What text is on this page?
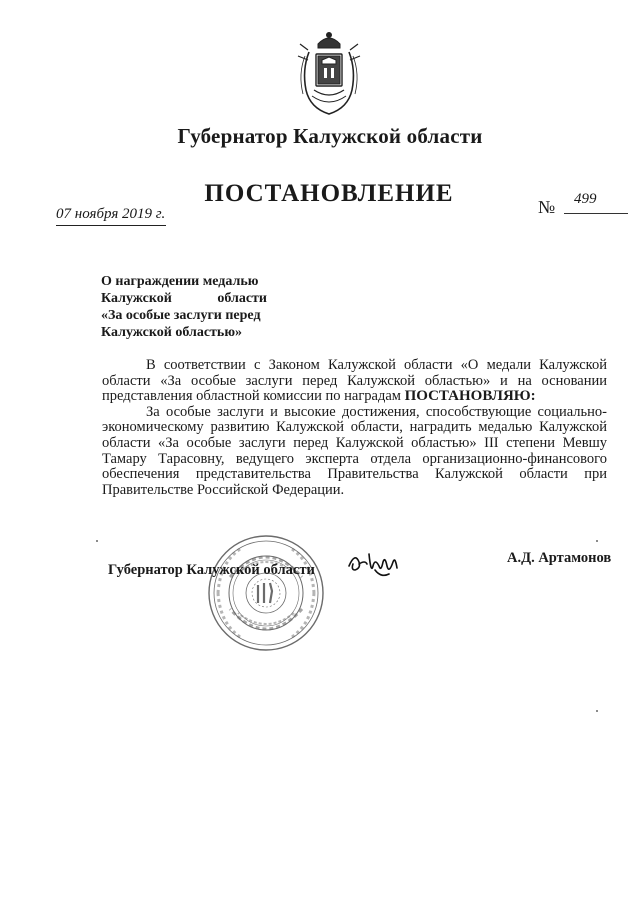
Губернатор Калужской области
ПОСТАНОВЛЕНИЕ
07 ноября 2019 г.	№ 499
О награждении медалью
Калужской	области
«За особые заслуги перед
Калужской областью»

В соответствии с Законом Калужской области «О медали Калужской области «За особые заслуги перед Калужской областью» и на основании представления областной комиссии по наградам ПОСТАНОВЛЯЮ:

За особые заслуги и высокие достижения, способствующие социально-экономическому развитию Калужской области, наградить медалью Калужской области «За особые заслуги перед Калужской областью» III степени Мевшу Тамару Тарасовну, ведущего эксперта отдела организационно-финансового обеспечения представительства Правительства Калужской области при Правительстве Российской Федерации.

Губернатор Калужской области
А.Д. Артамонов
